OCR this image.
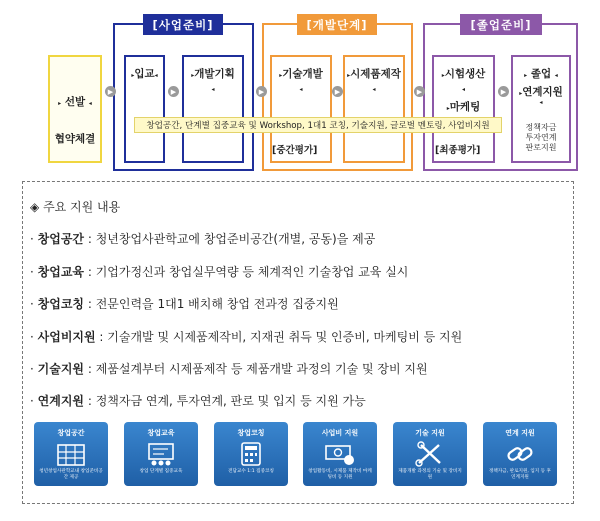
[사업준비]	[개발단계]	[졸업준비]
▸ 선발 ◂
협약체결
▸입교◂	▸개발기획
◂
▸기술개발
◂
▸시제품제작
◂
▸시험생산
◂
▸마케팅
▸ 졸업 ◂
▸연계지원
◂
정책자금
투자연계
판로지원
▶	▶	▶	▶	▶	▶
창업공간, 단계별 집중교육 및 Workshop, 1대1 코칭, 기술지원, 글로벌 멘토링, 사업비지원
[중간평가]	[최종평가]
◈ 주요 지원 내용
· 창업공간 : 청년창업사관학교에 창업준비공간(개별, 공동)을 제공
· 창업교육 : 기업가정신과 창업실무역량 등 체계적인 기술창업 교육 실시
· 창업코칭 : 전문인력을 1대1 배치해 창업 전과정 집중지원
· 사업비지원 : 기술개발 및 시제품제작비, 지재권 취득 및 인증비, 마케팅비 등 지원
· 기술지원 : 제품설계부터 시제품제작 등 제품개발 과정의 기술 및 장비 지원
· 연계지원 : 정책자금 연계, 투자연계, 판로 및 입지 등 지원 가능
창업공간
청년창업사관학교내 창업준비공간 제공
창업교육
창업 단계별 집중교육
창업코칭
전담교수 1:1 집중코칭
사업비 지원
창업활동비, 시제품 제작비 마케팅비 등 지원
기술 지원
제품개발 과정의 기술 및 장비지원
연계 지원
정책자금, 판로지원, 입지 등 후 연계지원
